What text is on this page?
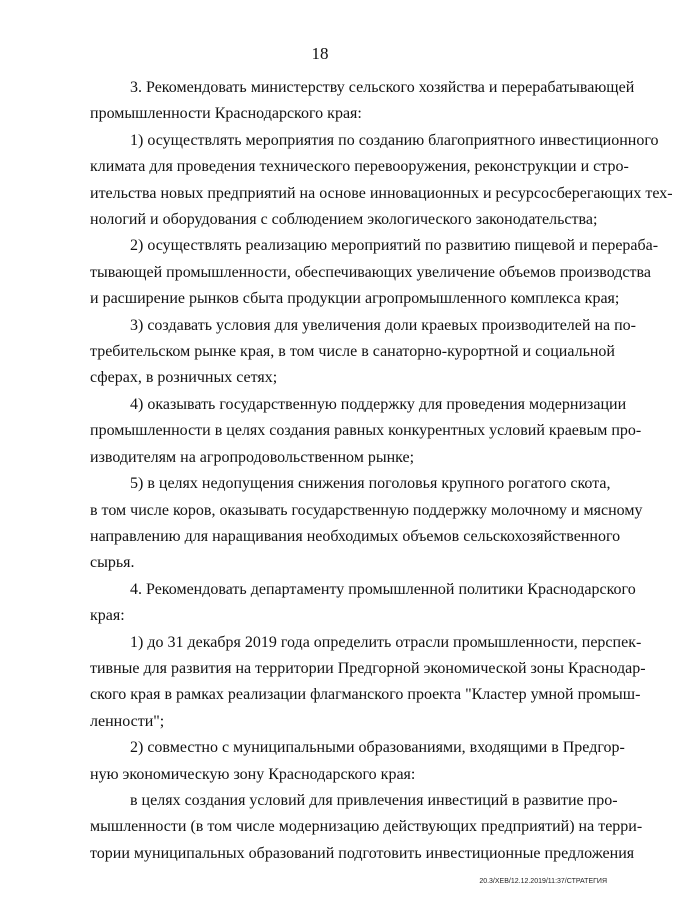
18
3. Рекомендовать министерству сельского хозяйства и перерабатывающей
промышленности Краснодарского края:
1) осуществлять мероприятия по созданию благоприятного инвестиционного
климата для проведения технического перевооружения, реконструкции и стро-
ительства новых предприятий на основе инновационных и ресурсосберегающих тех-
нологий и оборудования с соблюдением экологического законодательства;
2) осуществлять реализацию мероприятий по развитию пищевой и перераба-
тывающей промышленности, обеспечивающих увеличение объемов производства
и расширение рынков сбыта продукции агропромышленного комплекса края;
3) создавать условия для увеличения доли краевых производителей на по-
требительском рынке края, в том числе в санаторно-курортной и социальной
сферах, в розничных сетях;
4) оказывать государственную поддержку для проведения модернизации
промышленности в целях создания равных конкурентных условий краевым про-
изводителям на агропродовольственном рынке;
5) в целях недопущения снижения поголовья крупного рогатого скота,
в том числе коров, оказывать государственную поддержку молочному и мясному
направлению для наращивания необходимых объемов сельскохозяйственного
сырья.
4. Рекомендовать департаменту промышленной политики Краснодарского
края:
1) до 31 декабря 2019 года определить отрасли промышленности, перспек-
тивные для развития на территории Предгорной экономической зоны Краснодар-
ского края в рамках реализации флагманского проекта "Кластер умной промыш-
ленности";
2) совместно с муниципальными образованиями, входящими в Предгор-
ную экономическую зону Краснодарского края:
в целях создания условий для привлечения инвестиций в развитие про-
мышленности (в том числе модернизацию действующих предприятий) на терри-
тории муниципальных образований подготовить инвестиционные предложения
20.3/ХЕВ/12.12.2019/11:37/СТРАТЕГИЯ
